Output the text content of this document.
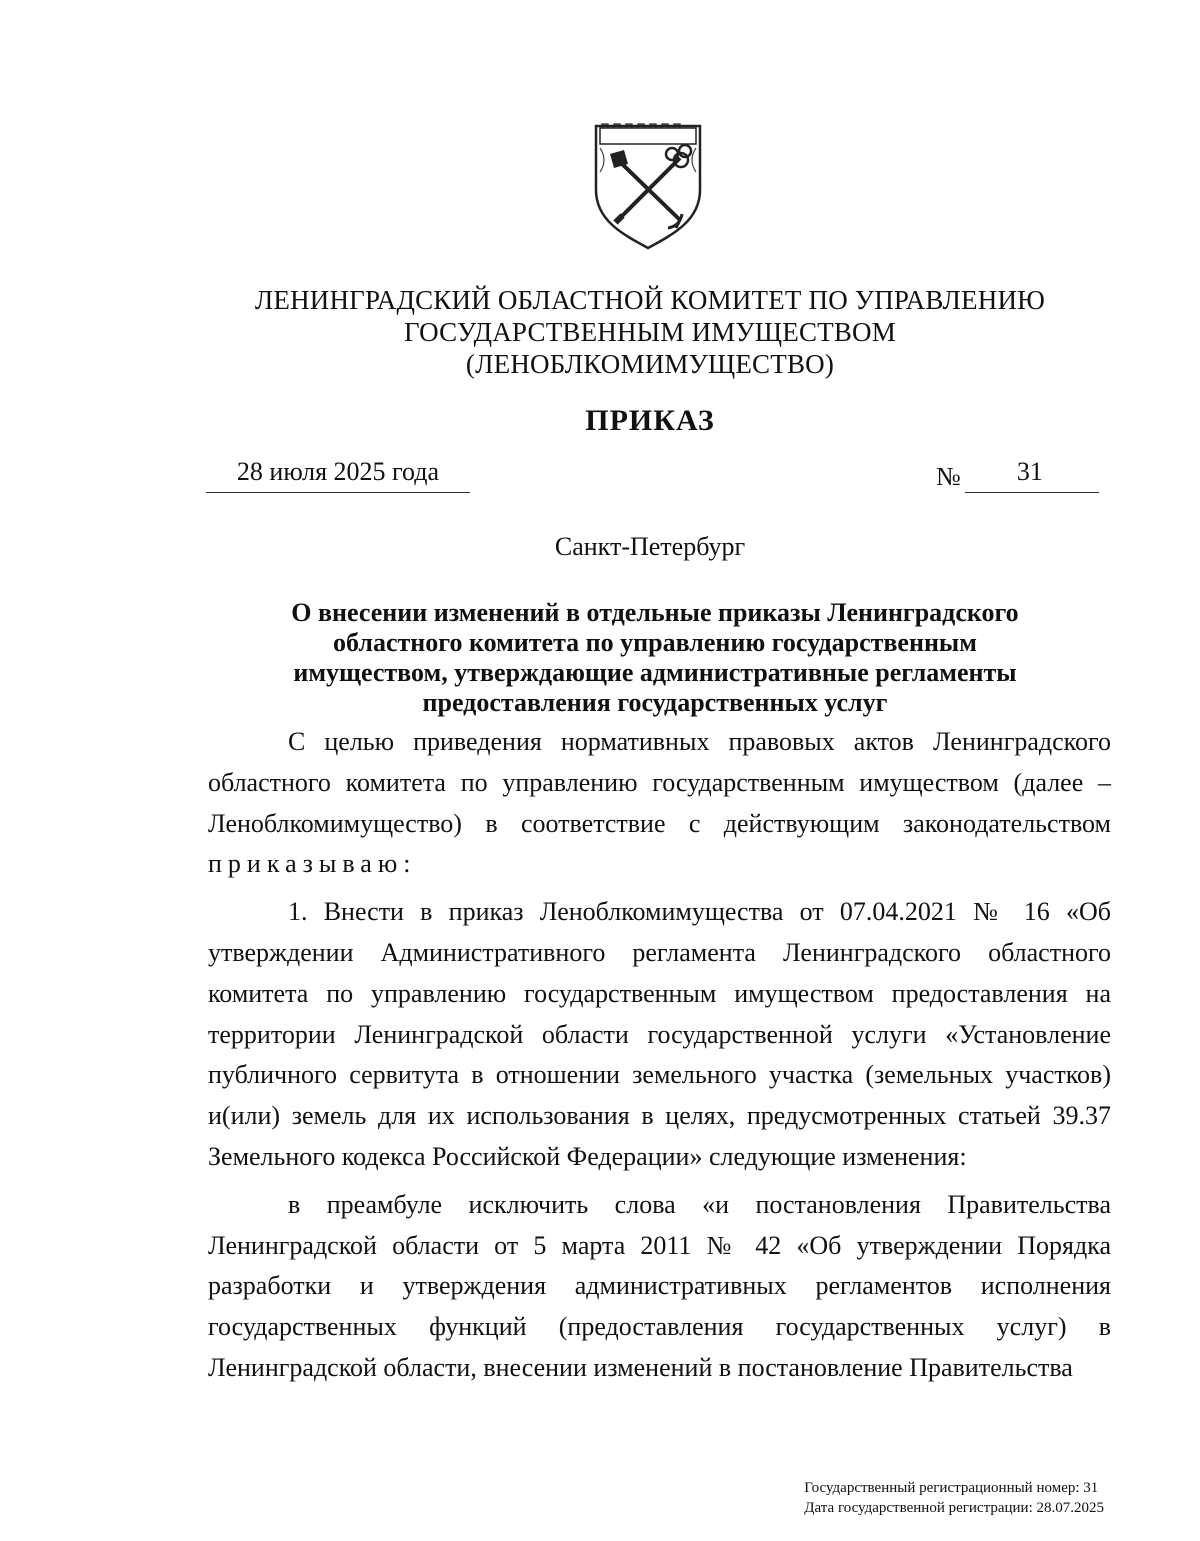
ЛЕНИНГРАДСКИЙ ОБЛАСТНОЙ КОМИТЕТ ПО УПРАВЛЕНИЮ
ГОСУДАРСТВЕННЫМ ИМУЩЕСТВОМ
(ЛЕНОБЛКОМИМУЩЕСТВО)
ПРИКАЗ
28 июля 2025 года	№	31
Санкт-Петербург
О внесении изменений в отдельные приказы Ленинградского
областного комитета по управлению государственным
имуществом, утверждающие административные регламенты
предоставления государственных услуг

С целью приведения нормативных правовых актов Ленинградского областного комитета по управлению государственным имуществом (далее – Леноблкомимущество) в соответствие с действующим законодательством приказываю:

1. Внести в приказ Леноблкомимущества от 07.04.2021 № 16 «Об утверждении Административного регламента Ленинградского областного комитета по управлению государственным имуществом предоставления на территории Ленинградской области государственной услуги «Установление публичного сервитута в отношении земельного участка (земельных участков) и(или) земель для их использования в целях, предусмотренных статьей 39.37 Земельного кодекса Российской Федерации» следующие изменения:

в преамбуле исключить слова «и постановления Правительства Ленинградской области от 5 марта 2011 № 42 «Об утверждении Порядка разработки и утверждения административных регламентов исполнения государственных функций (предоставления государственных услуг) в Ленинградской области, внесении изменений в постановление Правительства

Государственный регистрационный номер: 31
Дата государственной регистрации: 28.07.2025
